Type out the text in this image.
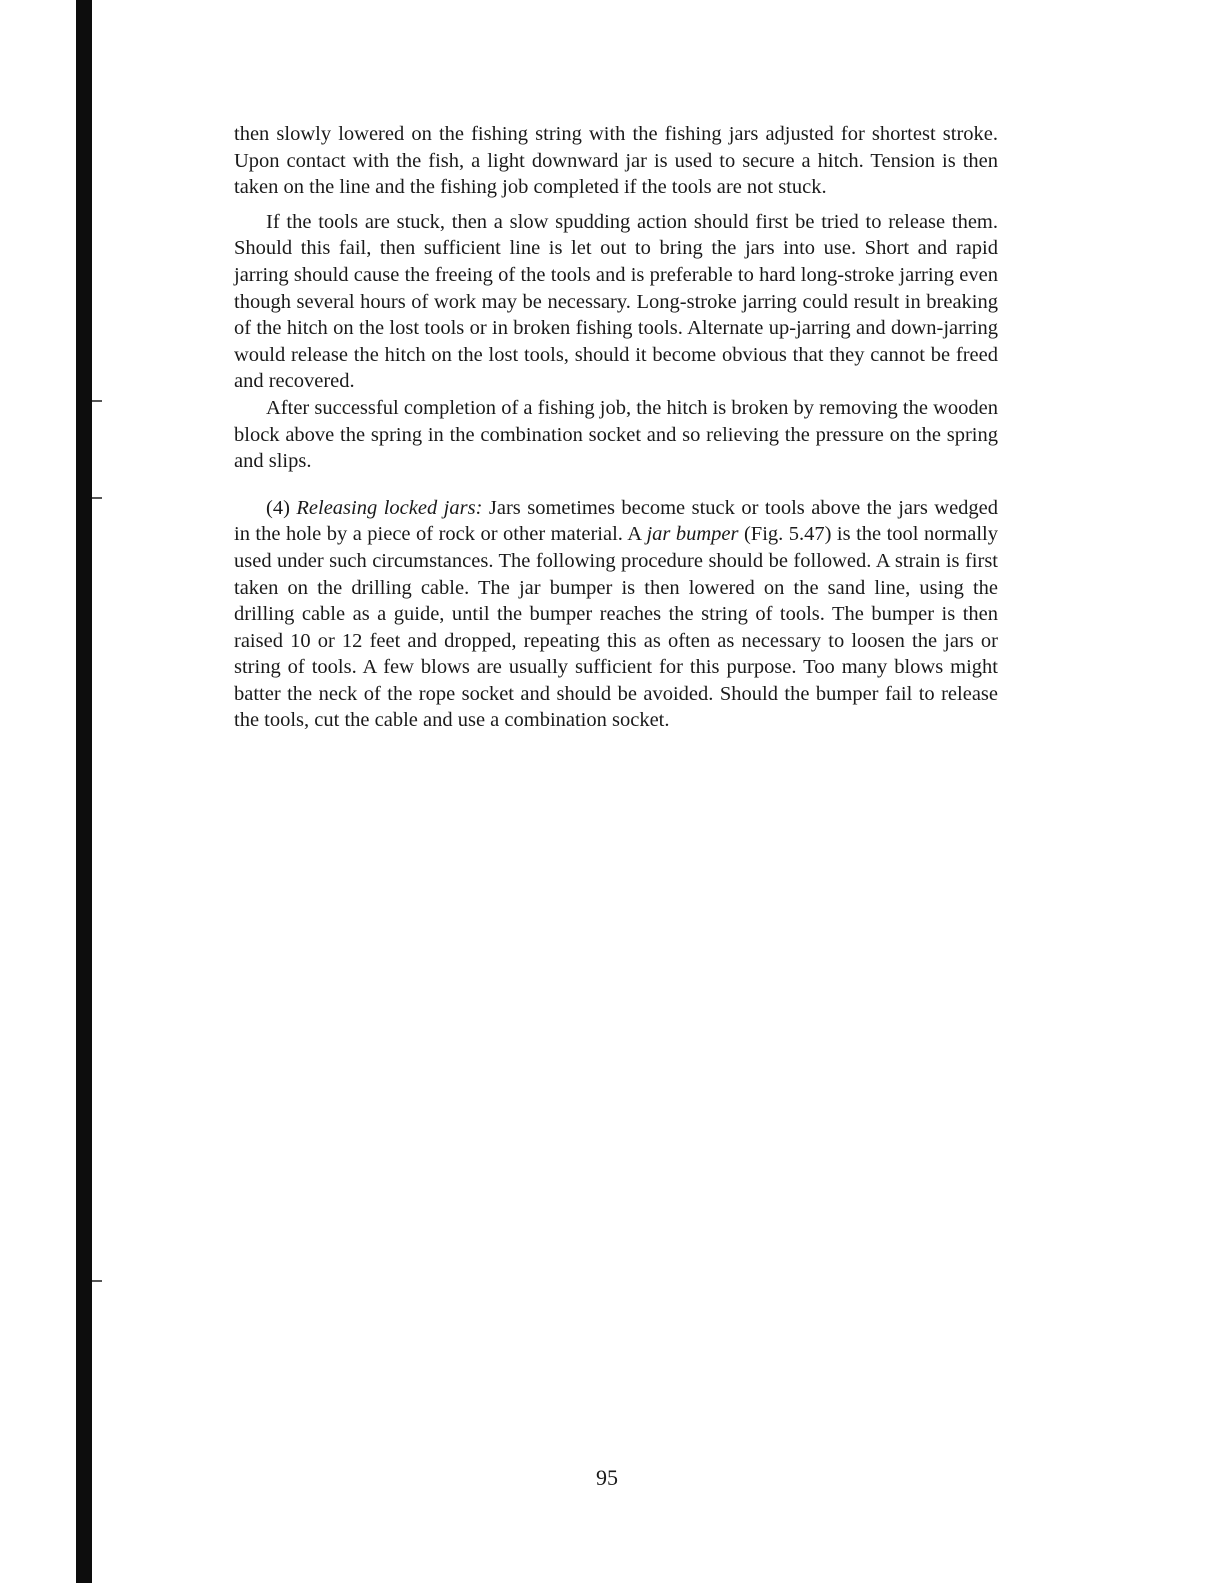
then slowly lowered on the fishing string with the fishing jars adjusted for shortest stroke. Upon contact with the fish, a light downward jar is used to secure a hitch. Tension is then taken on the line and the fishing job completed if the tools are not stuck.

If the tools are stuck, then a slow spudding action should first be tried to release them. Should this fail, then sufficient line is let out to bring the jars into use. Short and rapid jarring should cause the freeing of the tools and is preferable to hard long-stroke jarring even though several hours of work may be necessary. Long-stroke jarring could result in breaking of the hitch on the lost tools or in broken fishing tools. Alternate up-jarring and down-jarring would release the hitch on the lost tools, should it become obvious that they cannot be freed and recovered.

After successful completion of a fishing job, the hitch is broken by removing the wooden block above the spring in the combination socket and so relieving the pressure on the spring and slips.

(4) Releasing locked jars: Jars sometimes become stuck or tools above the jars wedged in the hole by a piece of rock or other material. A jar bumper (Fig. 5.47) is the tool normally used under such circumstances. The following procedure should be followed. A strain is first taken on the drilling cable. The jar bumper is then lowered on the sand line, using the drilling cable as a guide, until the bumper reaches the string of tools. The bumper is then raised 10 or 12 feet and dropped, repeating this as often as necessary to loosen the jars or string of tools. A few blows are usually sufficient for this purpose. Too many blows might batter the neck of the rope socket and should be avoided. Should the bumper fail to release the tools, cut the cable and use a combination socket.

95
